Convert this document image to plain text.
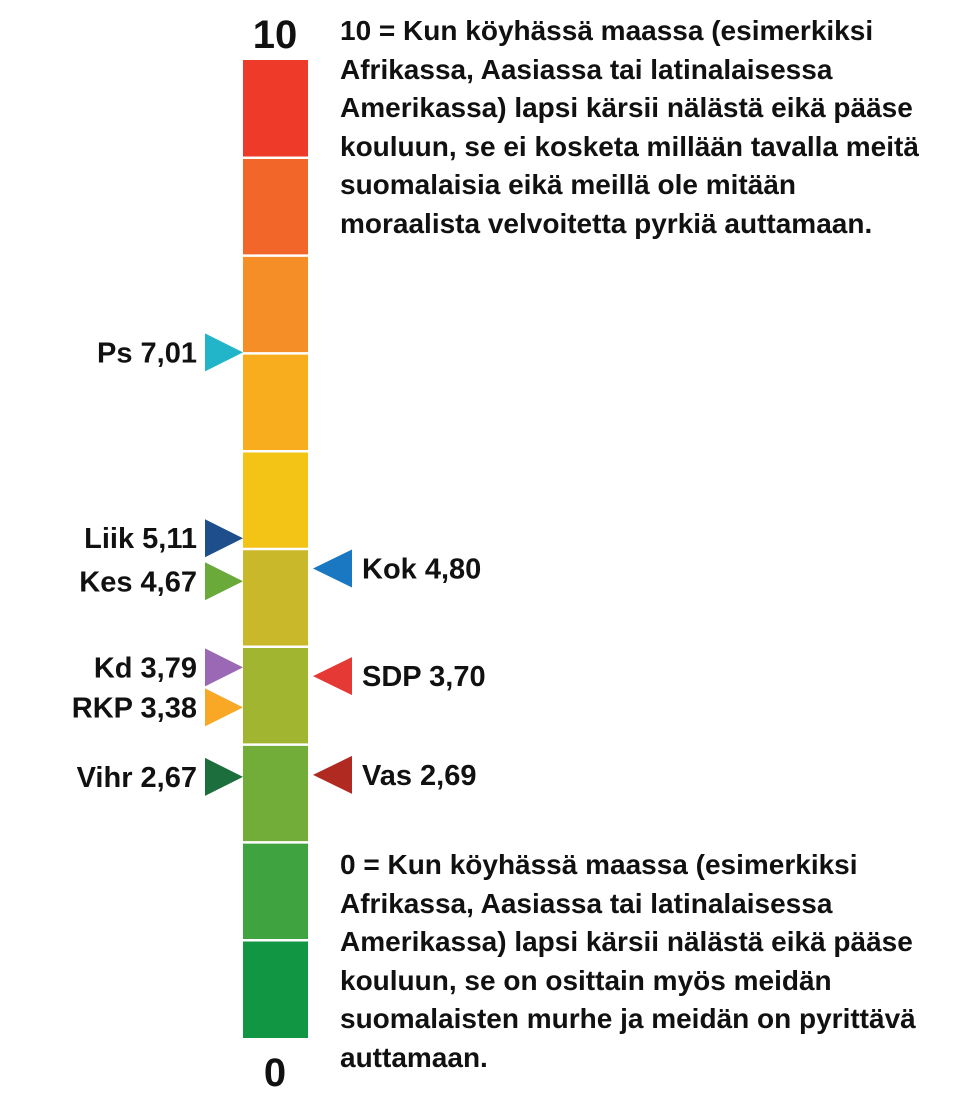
10
0
Ps 7,01
Liik 5,11
Kes 4,67
Kd 3,79
RKP 3,38
Vihr 2,67
Kok 4,80
SDP 3,70
Vas 2,69

10 = Kun köyhässä maassa (esimerkiksi Afrikassa, Aasiassa tai latinalaisessa Amerikassa) lapsi kärsii nälästä eikä pääse kouluun, se ei kosketa millään tavalla meitä suomalaisia eikä meillä ole mitään moraalista velvoitetta pyrkiä auttamaan.

0 = Kun köyhässä maassa (esimerkiksi Afrikassa, Aasiassa tai latinalaisessa Amerikassa) lapsi kärsii nälästä eikä pääse kouluun, se on osittain myös meidän suomalaisten murhe ja meidän on pyrittävä auttamaan.
